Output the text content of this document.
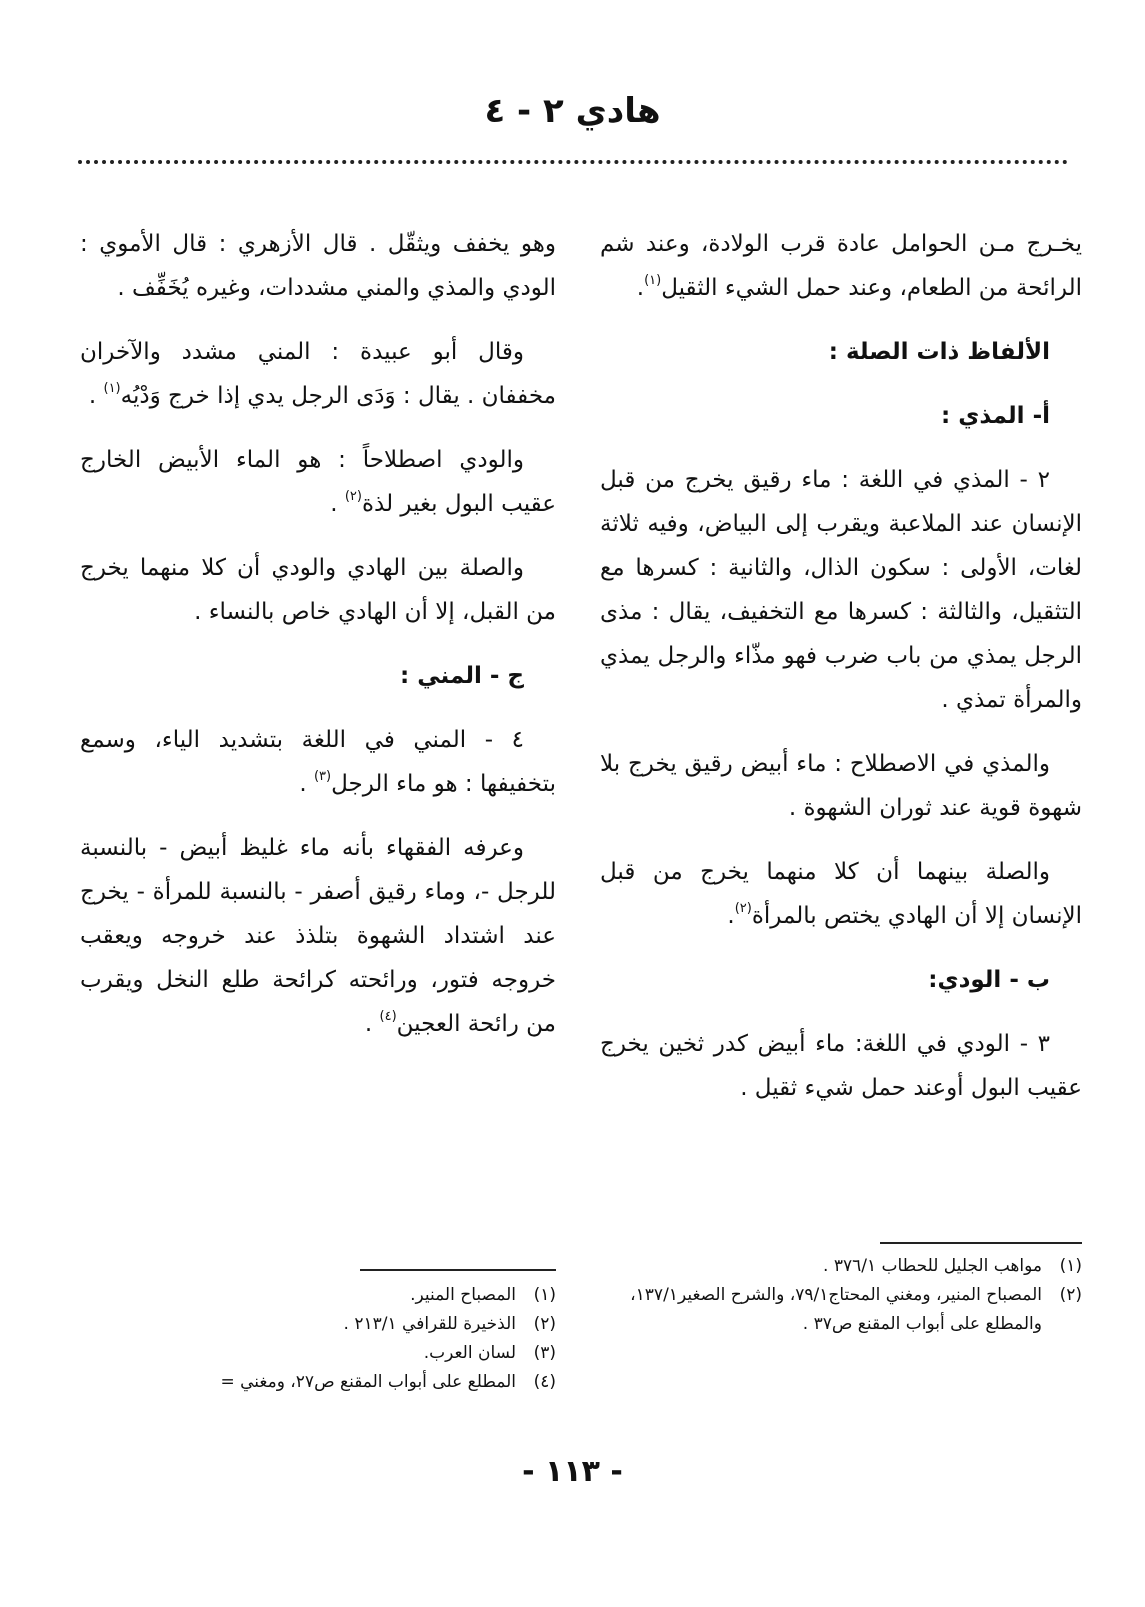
هادي ٢ - ٤

يخـرج مـن الحوامل عادة قرب الولادة، وعند شم الرائحة من الطعام، وعند حمل الشيء الثقيل$^{(١)}$.

الألفاظ ذات الصلة :

أ- المذي :

٢ - المذي في اللغة : ماء رقيق يخرج من قبل الإنسان عند الملاعبة ويقرب إلى البياض، وفيه ثلاثة لغات، الأولى : سكون الذال، والثانية : كسرها مع التثقيل، والثالثة : كسرها مع التخفيف، يقال : مذى الرجل يمذي من باب ضرب فهو مذّاء والرجل يمذي والمرأة تمذي .

والمذي في الاصطلاح : ماء أبيض رقيق يخرج بلا شهوة قوية عند ثوران الشهوة .

والصلة بينهما أن كلا منهما يخرج من قبل الإنسان إلا أن الهادي يختص بالمرأة$^{(٢)}$.

ب - الودي:

٣ - الودي في اللغة: ماء أبيض كدر ثخين يخرج عقيب البول أوعند حمل شيء ثقيل .

وهو يخفف ويثقّل . قال الأزهري : قال الأموي : الودي والمذي والمني مشددات، وغيره يُخَفِّف .

وقال أبو عبيدة : المني مشدد والآخران مخففان . يقال : وَدَى الرجل يدي إذا خرج وَدْيُه$^{(١)}$ .

والودي اصطلاحاً : هو الماء الأبيض الخارج عقيب البول بغير لذة$^{(٢)}$ .

والصلة بين الهادي والودي أن كلا منهما يخرج من القبل، إلا أن الهادي خاص بالنساء .

ج - المني :

٤ - المني في اللغة بتشديد الياء، وسمع بتخفيفها : هو ماء الرجل$^{(٣)}$ .

وعرفه الفقهاء بأنه ماء غليظ أبيض - بالنسبة للرجل -، وماء رقيق أصفر - بالنسبة للمرأة - يخرج عند اشتداد الشهوة بتلذذ عند خروجه ويعقب خروجه فتور، ورائحته كرائحة طلع النخل ويقرب من رائحة العجين$^{(٤)}$ .

(١)
مواهب الجليل للحطاب ٣٧٦/١ .
(٢)
المصباح المنير، ومغني المحتاج٧٩/١، والشرح الصغير١٣٧/١، والمطلع على أبواب المقنع ص٣٧ .
(١)
المصباح المنير.
(٢)
الذخيرة للقرافي ٢١٣/١ .
(٣)
لسان العرب.
(٤)
المطلع على أبواب المقنع ص٢٧، ومغني =
- ١١٣ -
